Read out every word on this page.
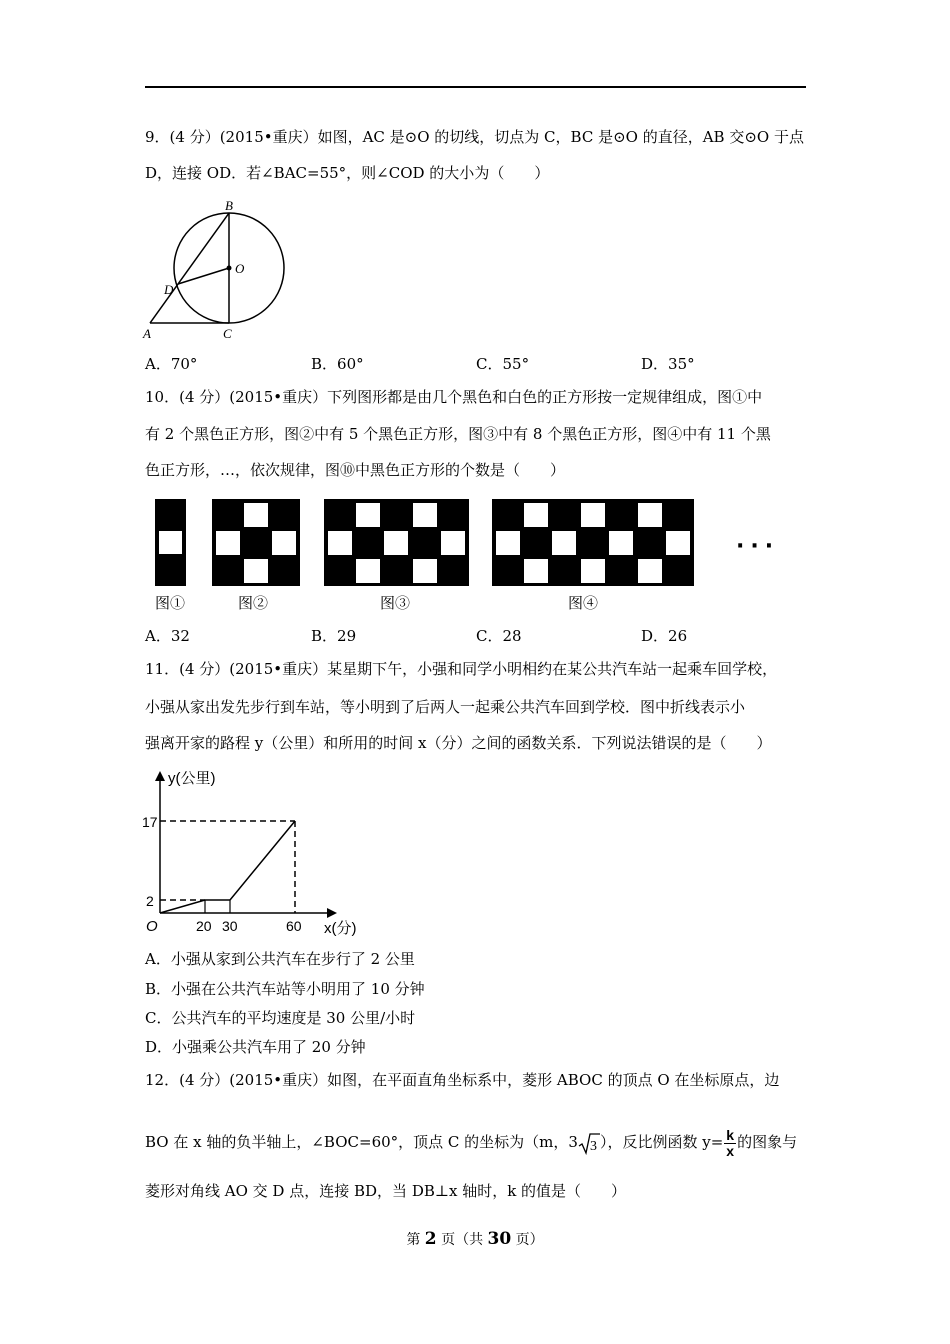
9．(4 分）(2015•重庆）如图，AC 是⊙O 的切线，切点为 C，BC 是⊙O 的直径，AB 交⊙O 于点
D，连接 OD．若∠BAC=55°，则∠COD 的大小为（　　）
B
O
D
A	C
A．70°	B．60°	C．55°	D．35°
10．(4 分）(2015•重庆）下列图形都是由几个黑色和白色的正方形按一定规律组成，图①中
有 2 个黑色正方形，图②中有 5 个黑色正方形，图③中有 8 个黑色正方形，图④中有 11 个黑
色正方形，…，依次规律，图⑩中黑色正方形的个数是（　　）
···
图①	图②	图③	图④
A．32	B．29	C．28	D．26
11．(4 分）(2015•重庆）某星期下午，小强和同学小明相约在某公共汽车站一起乘车回学校，
小强从家出发先步行到车站，等小明到了后两人一起乘公共汽车回到学校．图中折线表示小
强离开家的路程 y（公里）和所用的时间 x（分）之间的函数关系．下列说法错误的是（　　）
y(公里)
x(分)
O
17
2
20 30	60
A．小强从家到公共汽车在步行了 2 公里
B．小强在公共汽车站等小明用了 10 分钟
C．公共汽车的平均速度是 30 公里/小时
D．小强乘公共汽车用了 20 分钟
12．(4 分）(2015•重庆）如图，在平面直角坐标系中，菱形 ABOC 的顶点 O 在坐标原点，边
BO 在 x 轴的负半轴上，∠BOC=60°，顶点 C 的坐标为（m，3 3 ），反比例函数 $y= \frac{k}{x}$ 的图象与
菱形对角线 AO 交 D 点，连接 BD，当 DB⊥x 轴时，k 的值是（　　）
第 2 页（共 30 页）
